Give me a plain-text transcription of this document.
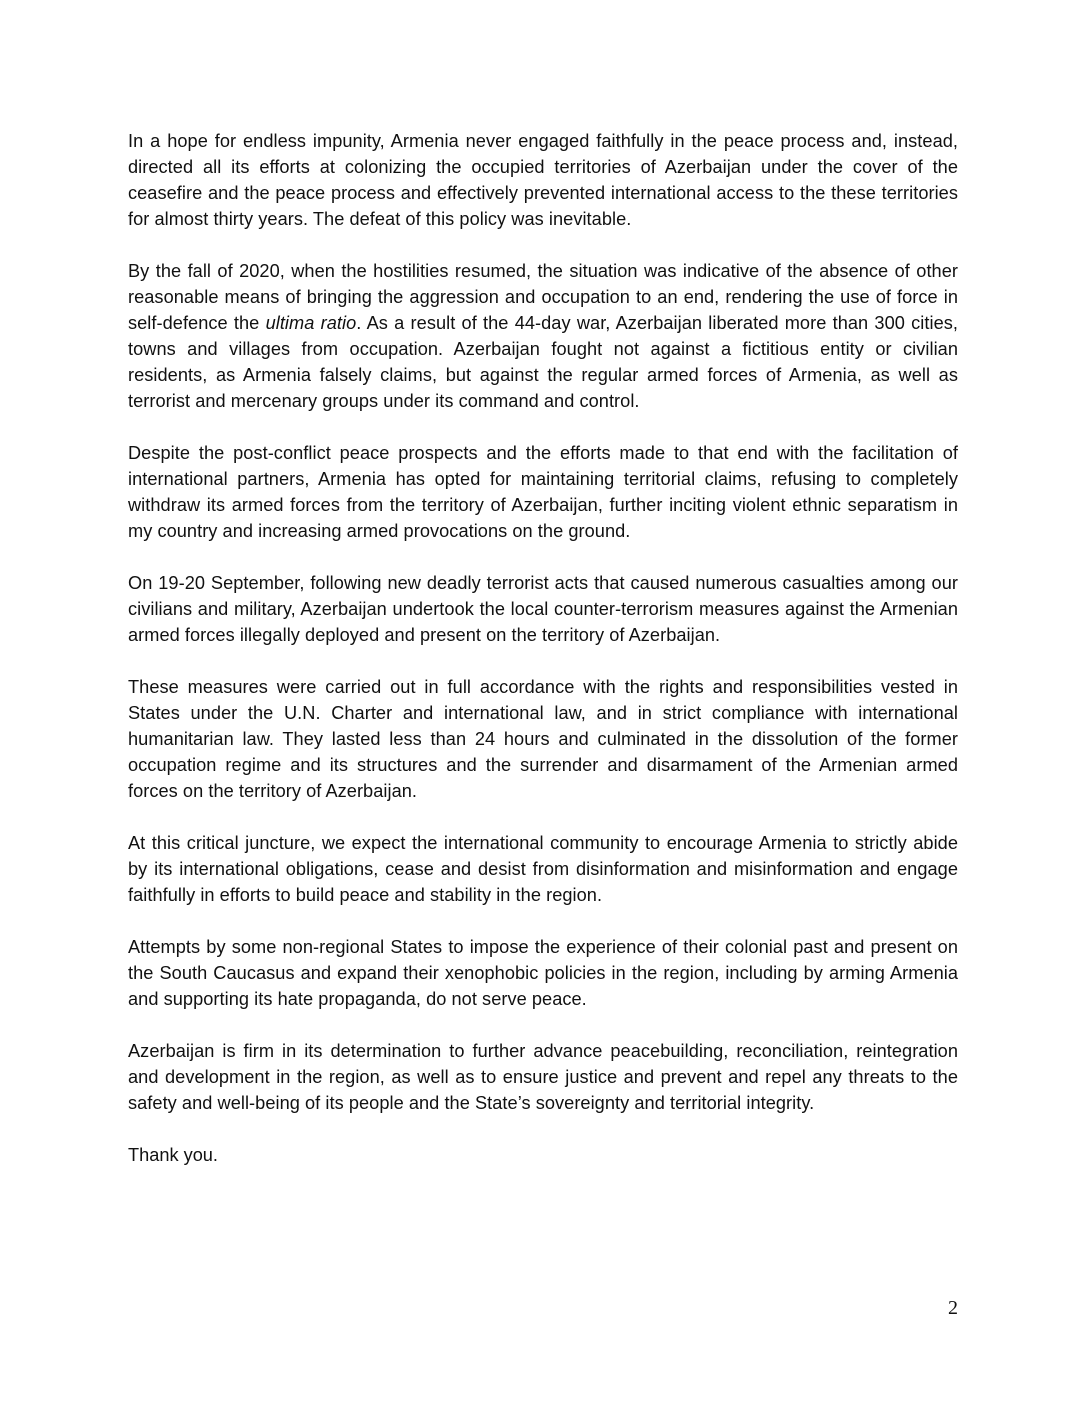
In a hope for endless impunity, Armenia never engaged faithfully in the peace process and, instead, directed all its efforts at colonizing the occupied territories of Azerbaijan under the cover of the ceasefire and the peace process and effectively prevented international access to the these territories for almost thirty years. The defeat of this policy was inevitable.

By the fall of 2020, when the hostilities resumed, the situation was indicative of the absence of other reasonable means of bringing the aggression and occupation to an end, rendering the use of force in self-defence the ultima ratio. As a result of the 44-day war, Azerbaijan liberated more than 300 cities, towns and villages from occupation. Azerbaijan fought not against a fictitious entity or civilian residents, as Armenia falsely claims, but against the regular armed forces of Armenia, as well as terrorist and mercenary groups under its command and control.

Despite the post-conflict peace prospects and the efforts made to that end with the facilitation of international partners, Armenia has opted for maintaining territorial claims, refusing to completely withdraw its armed forces from the territory of Azerbaijan, further inciting violent ethnic separatism in my country and increasing armed provocations on the ground.

On 19-20 September, following new deadly terrorist acts that caused numerous casualties among our civilians and military, Azerbaijan undertook the local counter-terrorism measures against the Armenian armed forces illegally deployed and present on the territory of Azerbaijan.

These measures were carried out in full accordance with the rights and responsibilities vested in States under the U.N. Charter and international law, and in strict compliance with international humanitarian law. They lasted less than 24 hours and culminated in the dissolution of the former occupation regime and its structures and the surrender and disarmament of the Armenian armed forces on the territory of Azerbaijan.

At this critical juncture, we expect the international community to encourage Armenia to strictly abide by its international obligations, cease and desist from disinformation and misinformation and engage faithfully in efforts to build peace and stability in the region.

Attempts by some non-regional States to impose the experience of their colonial past and present on the South Caucasus and expand their xenophobic policies in the region, including by arming Armenia and supporting its hate propaganda, do not serve peace.

Azerbaijan is firm in its determination to further advance peacebuilding, reconciliation, reintegration and development in the region, as well as to ensure justice and prevent and repel any threats to the safety and well-being of its people and the State’s sovereignty and territorial integrity.

Thank you.

2
